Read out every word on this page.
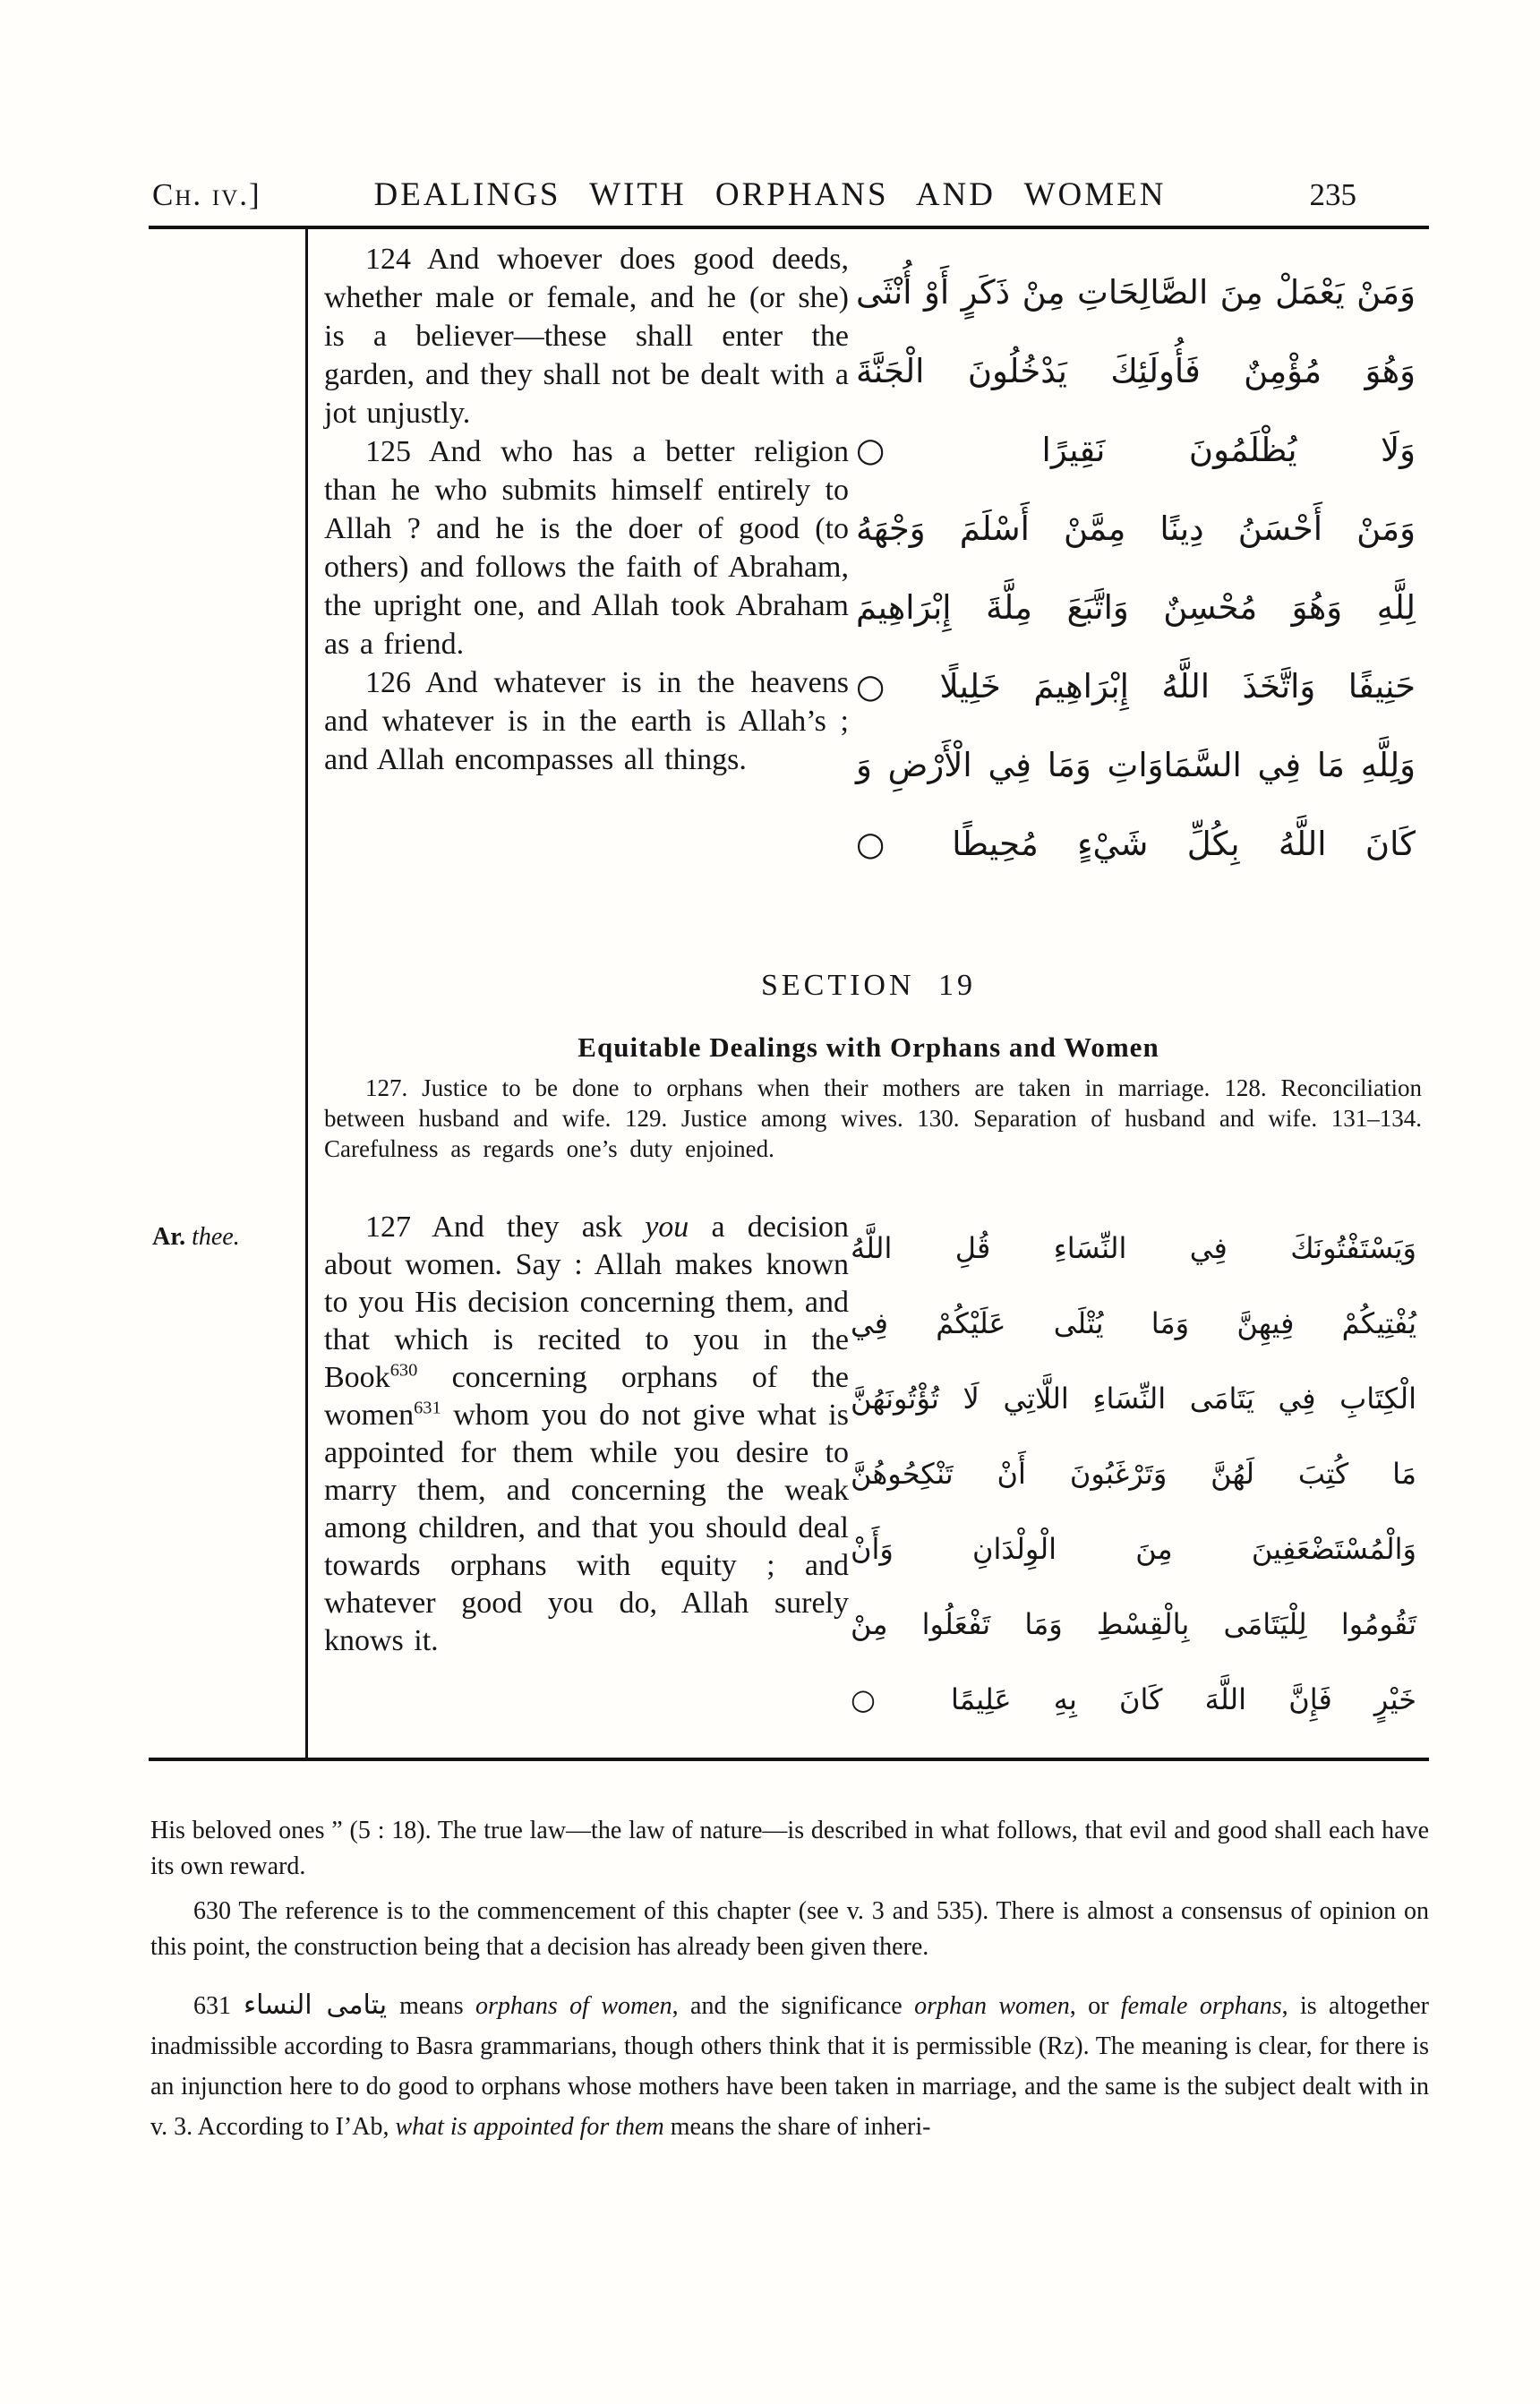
Ch. iv.]	DEALINGS WITH ORPHANS AND WOMEN	235
Ar. thee.

124 And whoever does good deeds, whether male or female, and he (or she) is a believer—these shall enter the garden, and they shall not be dealt with a jot unjustly.

125 And who has a better religion than he who submits himself entirely to Allah ? and he is the doer of good (to others) and follows the faith of Abraham, the upright one, and Allah took Abraham as a friend.

126 And whatever is in the heavens and whatever is in the earth is Allah’s ; and Allah encompasses all things.

وَمَنْ يَعْمَلْ مِنَ الصَّالِحَاتِ مِنْ ذَكَرٍ أَوْ أُنْثَى
وَهُوَ مُؤْمِنٌ فَأُولَئِكَ يَدْخُلُونَ الْجَنَّةَ
وَلَا يُظْلَمُونَ نَقِيرًا ○
وَمَنْ أَحْسَنُ دِينًا مِمَّنْ أَسْلَمَ وَجْهَهُ
لِلَّهِ وَهُوَ مُحْسِنٌ وَاتَّبَعَ مِلَّةَ إِبْرَاهِيمَ
حَنِيفًا وَاتَّخَذَ اللَّهُ إِبْرَاهِيمَ خَلِيلًا ○
وَلِلَّهِ مَا فِي السَّمَاوَاتِ وَمَا فِي الْأَرْضِ وَ
كَانَ اللَّهُ بِكُلِّ شَيْءٍ مُحِيطًا ○
SECTION 19
Equitable Dealings with Orphans and Women

127. Justice to be done to orphans when their mothers are taken in marriage. 128. Reconciliation between husband and wife. 129. Justice among wives. 130. Separation of husband and wife. 131–134. Carefulness as regards one’s duty enjoined.

127 And they ask you a decision about women. Say : Allah makes known to you His decision concerning them, and that which is recited to you in the Book$^{630}$ concerning orphans of the women$^{631}$ whom you do not give what is appointed for them while you desire to marry them, and concerning the weak among children, and that you should deal towards orphans with equity ; and whatever good you do, Allah surely knows it.

وَيَسْتَفْتُونَكَ فِي النِّسَاءِ قُلِ اللَّهُ
يُفْتِيكُمْ فِيهِنَّ وَمَا يُتْلَى عَلَيْكُمْ فِي
الْكِتَابِ فِي يَتَامَى النِّسَاءِ اللَّاتِي لَا تُؤْتُونَهُنَّ
مَا كُتِبَ لَهُنَّ وَتَرْغَبُونَ أَنْ تَنْكِحُوهُنَّ
وَالْمُسْتَضْعَفِينَ مِنَ الْوِلْدَانِ وَأَنْ
تَقُومُوا لِلْيَتَامَى بِالْقِسْطِ وَمَا تَفْعَلُوا مِنْ
خَيْرٍ فَإِنَّ اللَّهَ كَانَ بِهِ عَلِيمًا ○

His beloved ones ” (5 : 18). The true law—the law of nature—is described in what follows, that evil and good shall each have its own reward.

630 The reference is to the commencement of this chapter (see v. 3 and 535). There is almost a consensus of opinion on this point, the construction being that a decision has already been given there.

631 يتامى النساء means orphans of women, and the significance orphan women, or female orphans, is altogether inadmissible according to Basra grammarians, though others think that it is permissible (Rz). The meaning is clear, for there is an injunction here to do good to orphans whose mothers have been taken in marriage, and the same is the subject dealt with in v. 3. According to I’Ab, what is appointed for them means the share of inheri-
